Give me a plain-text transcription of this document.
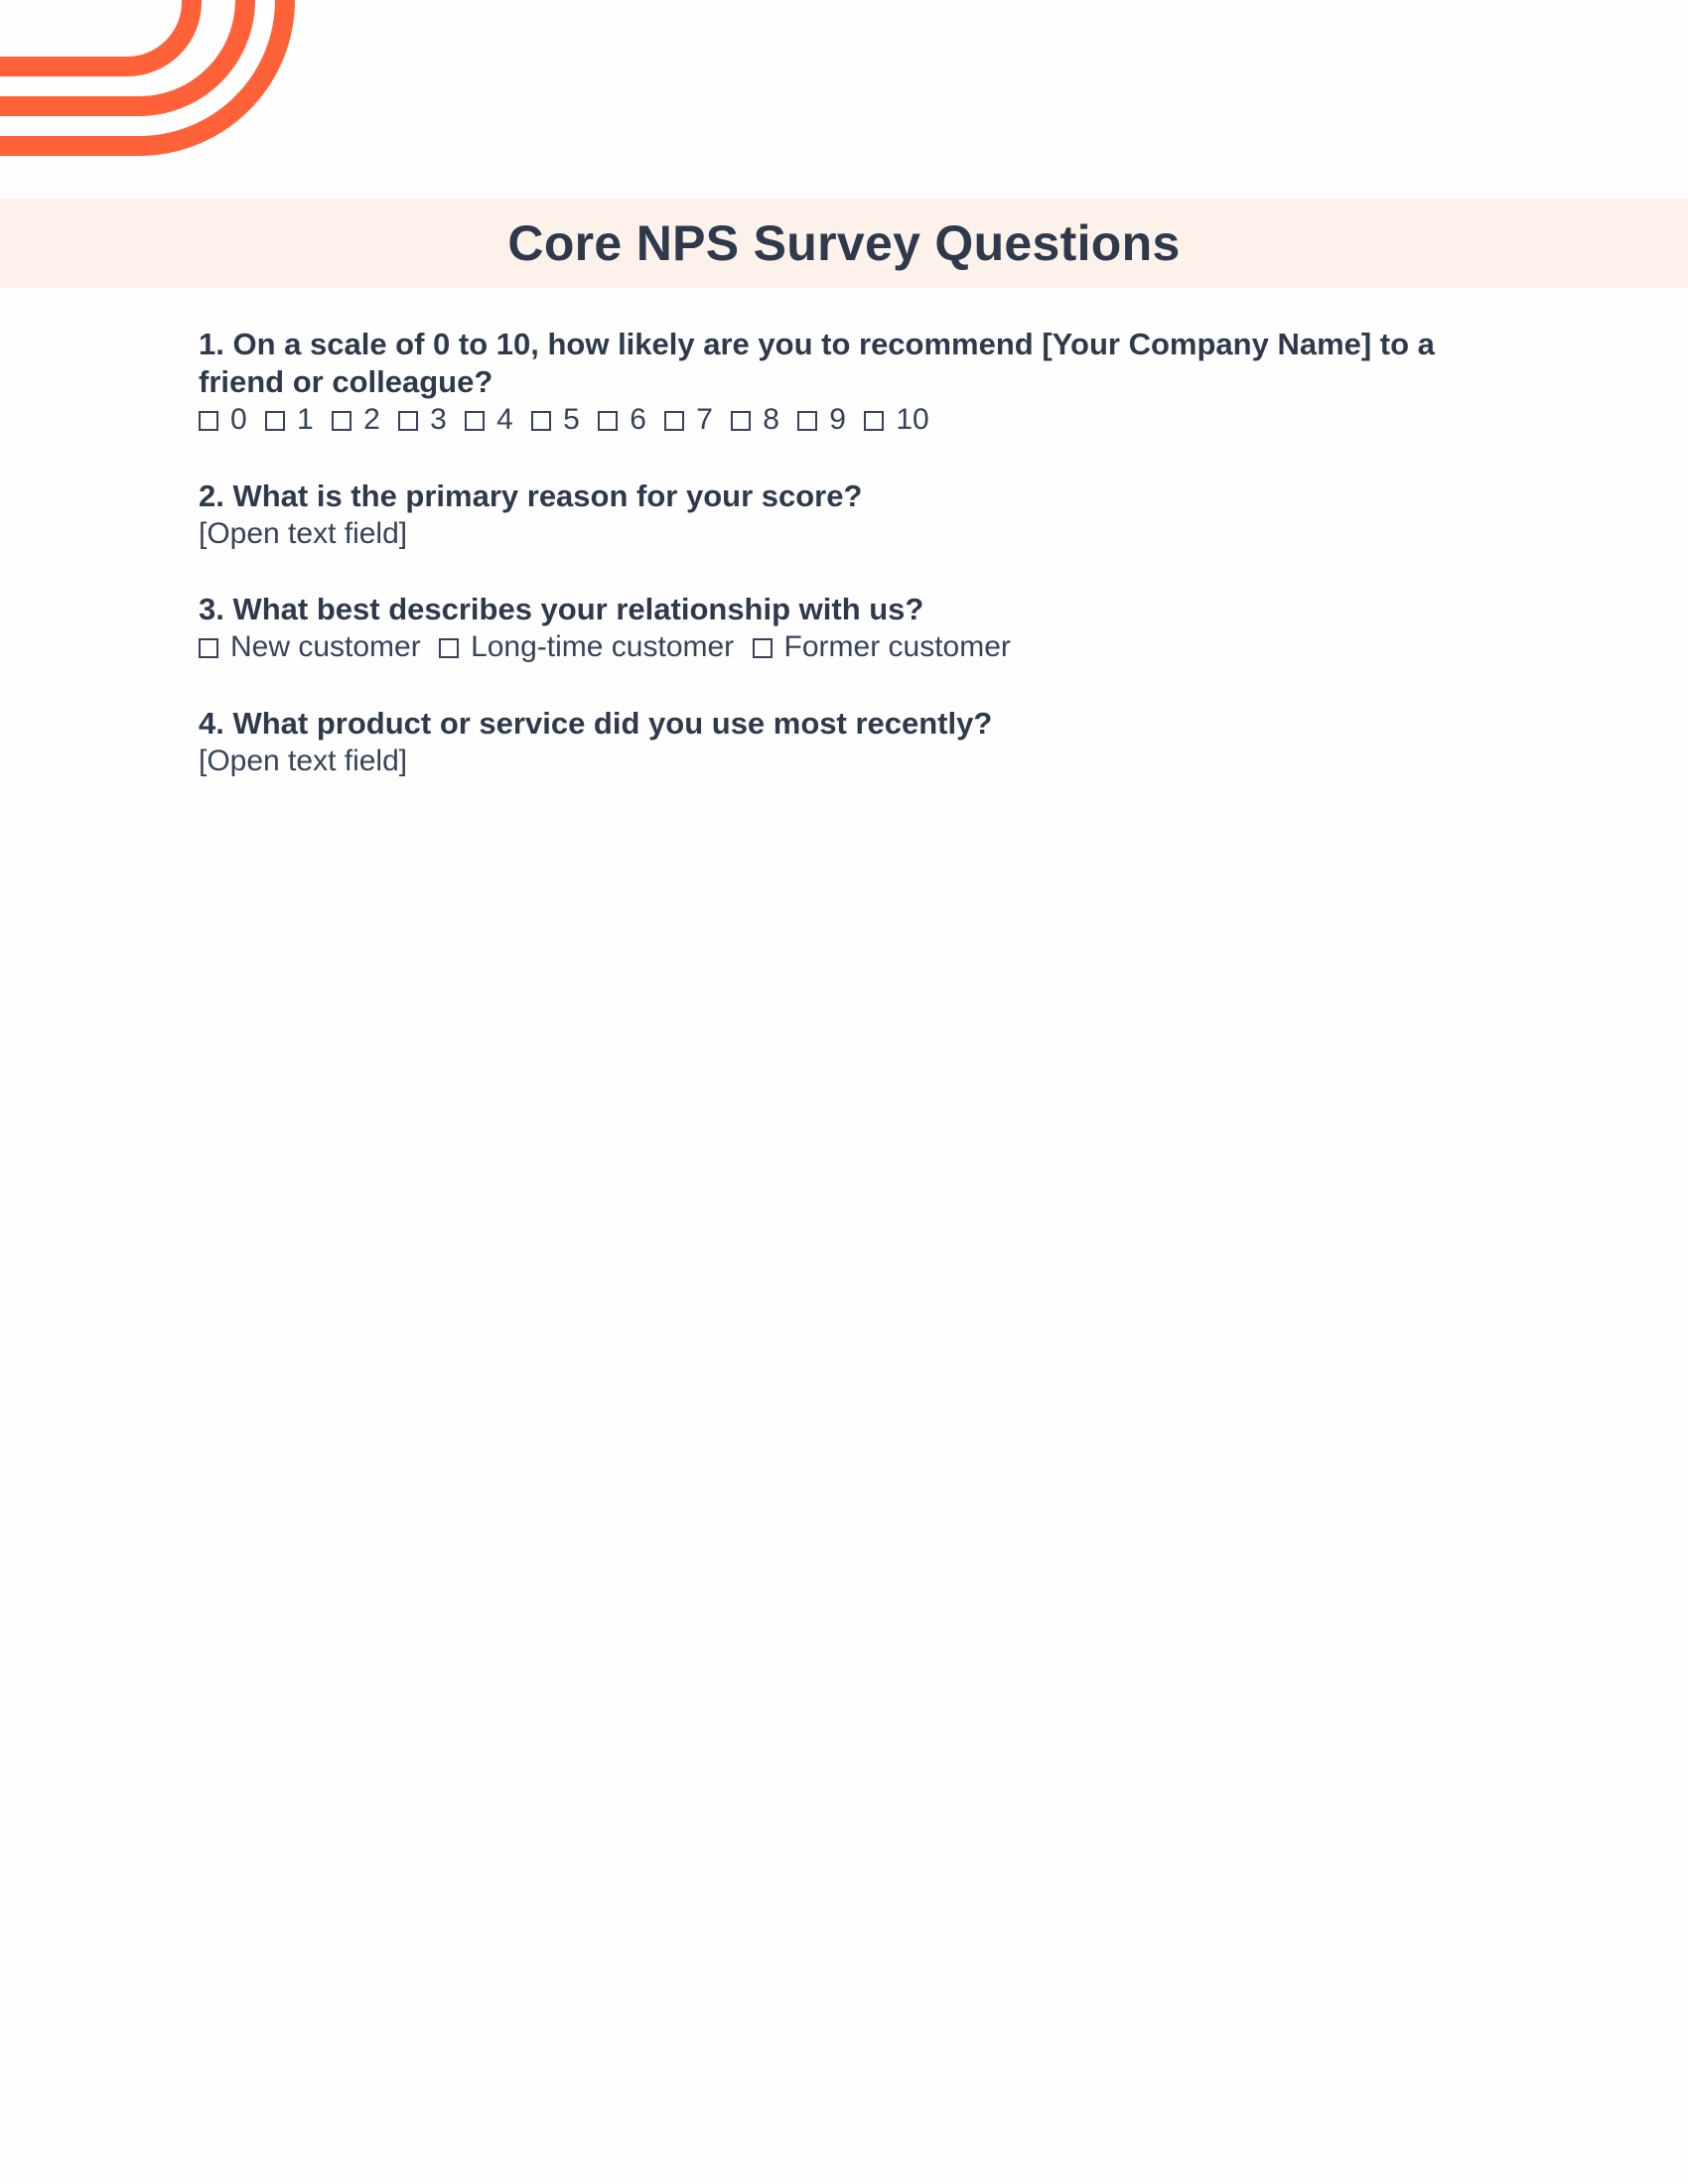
Core NPS Survey Questions
1. On a scale of 0 to 10, how likely are you to recommend [Your Company Name] to a friend or colleague?
0
1
2
3
4
5
6
7
8
9
10
2. What is the primary reason for your score?
[Open text field]
3. What best describes your relationship with us?
New customer
Long-time customer
Former customer
4. What product or service did you use most recently?
[Open text field]
